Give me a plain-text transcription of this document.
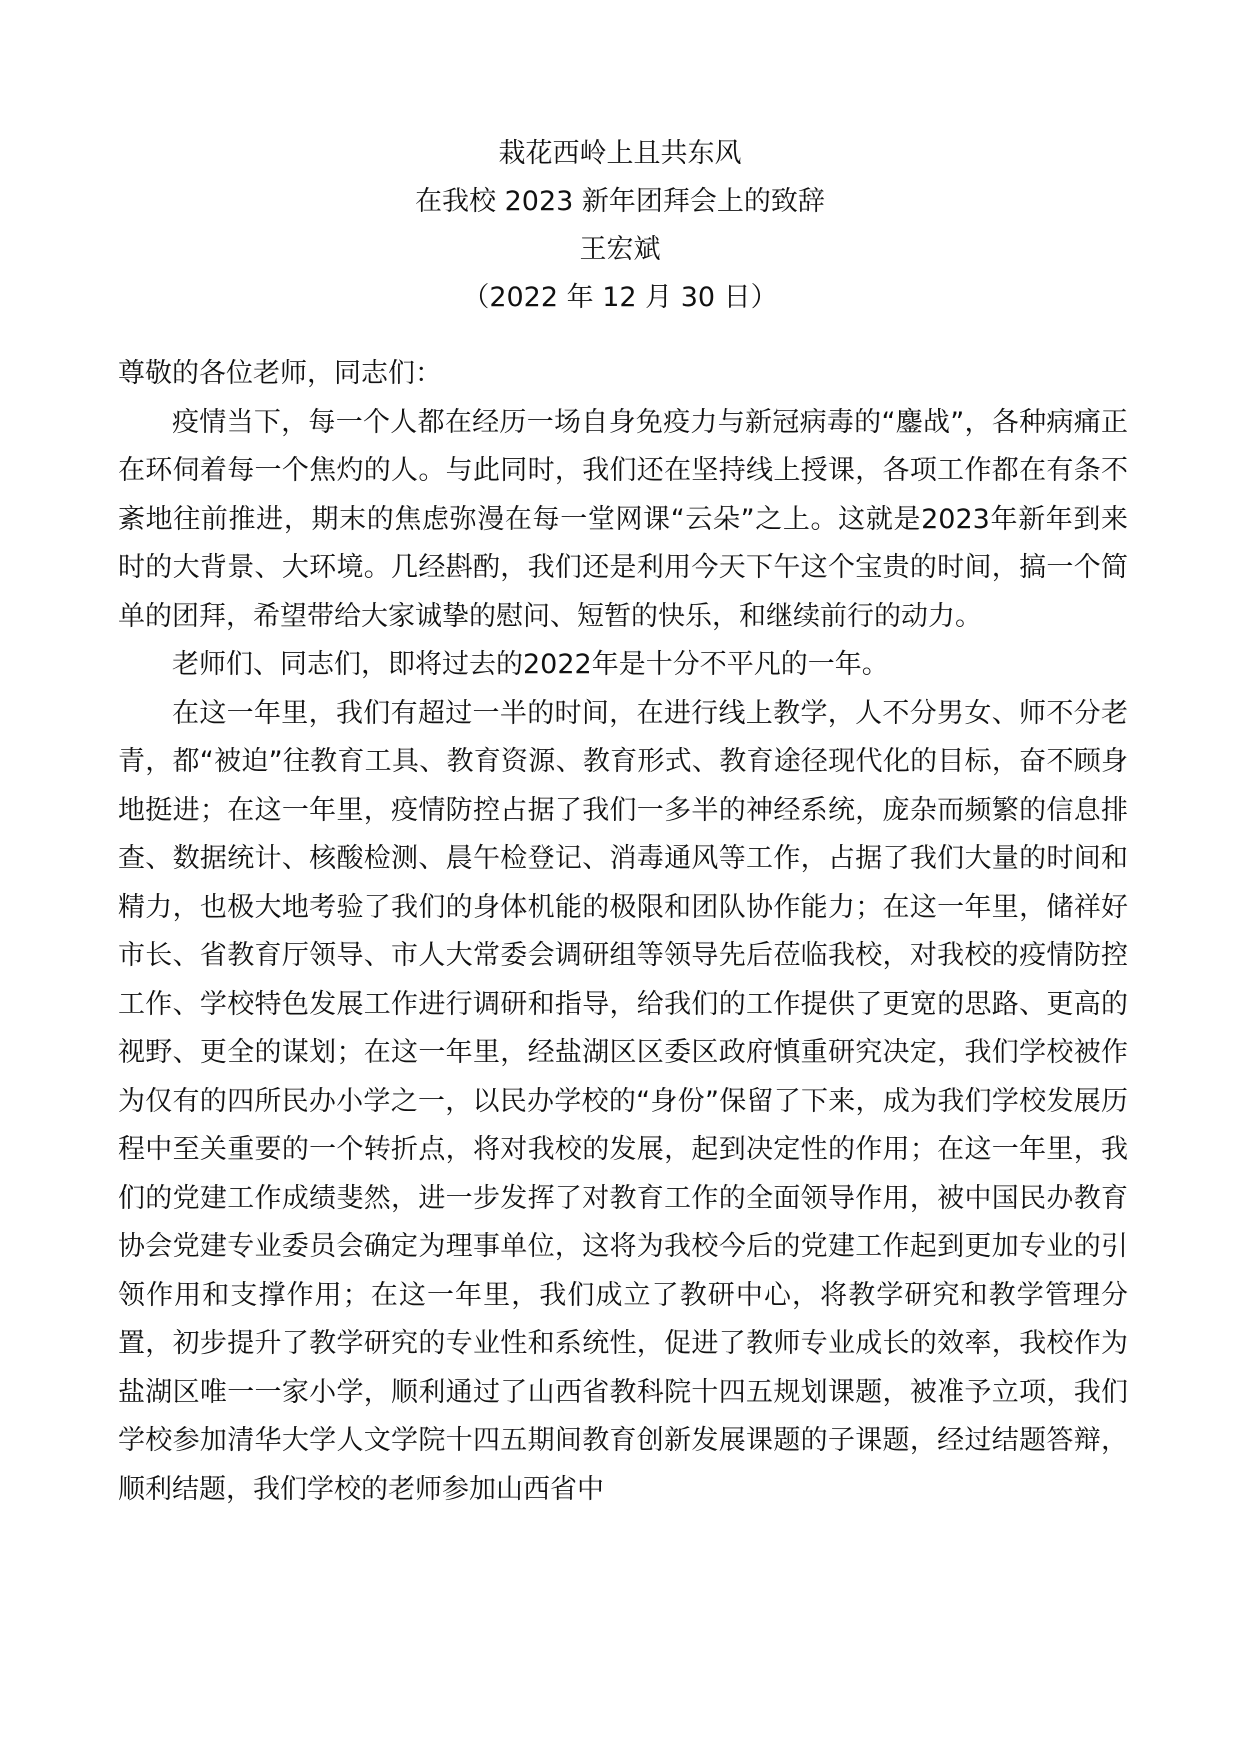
栽花西岭上且共东风
在我校 2023 新年团拜会上的致辞
王宏斌
（2022 年 12 月 30 日）

尊敬的各位老师，同志们：

疫情当下，每一个人都在经历一场自身免疫力与新冠病毒的“鏖战”，各种病痛正在环伺着每一个焦灼的人。与此同时，我们还在坚持线上授课，各项工作都在有条不紊地往前推进，期末的焦虑弥漫在每一堂网课“云朵”之上。这就是2023年新年到来时的大背景、大环境。几经斟酌，我们还是利用今天下午这个宝贵的时间，搞一个简单的团拜，希望带给大家诚挚的慰问、短暂的快乐，和继续前行的动力。

老师们、同志们，即将过去的2022年是十分不平凡的一年。

在这一年里，我们有超过一半的时间，在进行线上教学，人不分男女、师不分老青，都“被迫”往教育工具、教育资源、教育形式、教育途径现代化的目标，奋不顾身地挺进；在这一年里，疫情防控占据了我们一多半的神经系统，庞杂而频繁的信息排查、数据统计、核酸检测、晨午检登记、消毒通风等工作，占据了我们大量的时间和精力，也极大地考验了我们的身体机能的极限和团队协作能力；在这一年里，储祥好市长、省教育厅领导、市人大常委会调研组等领导先后莅临我校，对我校的疫情防控工作、学校特色发展工作进行调研和指导，给我们的工作提供了更宽的思路、更高的视野、更全的谋划；在这一年里，经盐湖区区委区政府慎重研究决定，我们学校被作为仅有的四所民办小学之一，以民办学校的“身份”保留了下来，成为我们学校发展历程中至关重要的一个转折点，将对我校的发展，起到决定性的作用；在这一年里，我们的党建工作成绩斐然，进一步发挥了对教育工作的全面领导作用，被中国民办教育协会党建专业委员会确定为理事单位，这将为我校今后的党建工作起到更加专业的引领作用和支撑作用；在这一年里，我们成立了教研中心，将教学研究和教学管理分置，初步提升了教学研究的专业性和系统性，促进了教师专业成长的效率，我校作为盐湖区唯一一家小学，顺利通过了山西省教科院十四五规划课题，被准予立项，我们学校参加清华大学人文学院十四五期间教育创新发展课题的子课题，经过结题答辩，顺利结题，我们学校的老师参加山西省中
